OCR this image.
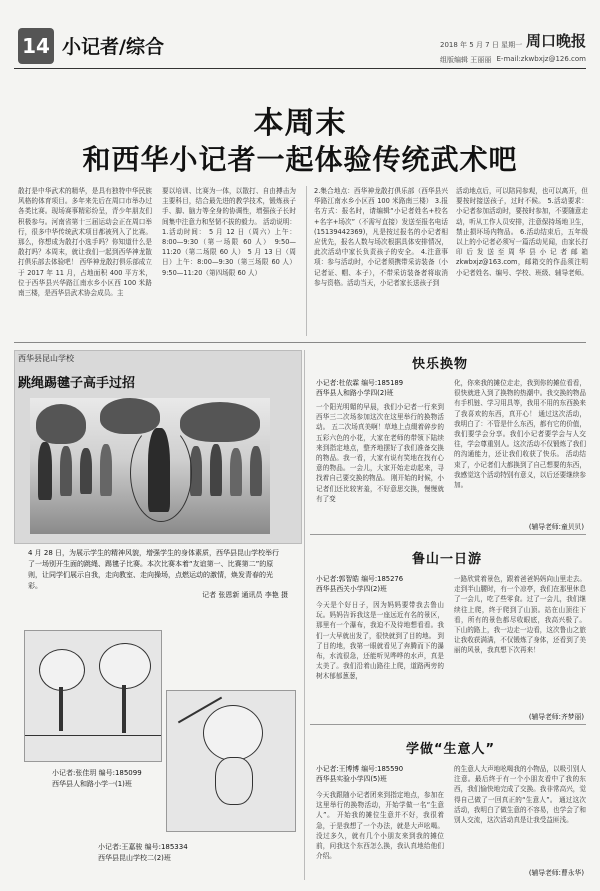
14 小记者/综合	2018 年 5 月 7 日 星期一 周口晚报
组版编辑 王丽丽 E-mail:zkwbxjz@126.com
本周末
和西华小记者一起体验传统武术吧
散打是中华武术的精华，是具有独特中华民族风格的体育项目。多年来先后在周口市举办过各类比赛。现场赛事精彩纷呈，青少年朋友们积极参与。河南省第十三届运动会正在周口举行，很多中华传统武术项目都被列入了比赛。那么，你想成为散打小选手吗？你知道什么是散打吗？本周末，就让我们一起到西华神龙散打俱乐部去体验吧！ 西华神龙散打俱乐部成立于 2017 年 11 月，占地面积 400 平方米，位于西华县兴华路江南水乡小区西 100 米路南三楼，是西华县武术协会成员。主
要以培训、比赛为一体，以散打、自由搏击为主要科目，结合最先进的教学技术，锻炼孩子手、脚、脑力等全身的协调性，增强孩子长时间集中注意力和坚韧不拔的毅力。 活动说明： 1.活动时间： 5 月 12 日（周六）上午：8:00—9:30（第一场限 60 人） 9:50—11:20（第二场限 60 人） 5 月 13 日（周日）上午：8:00—9:30（第三场限 60 人） 9:50—11:20（第四场限 60 人）
2.集合地点：西华神龙散打俱乐部（西华县兴华路江南水乡小区西 100 米路南三楼） 3.报名方式：报名时，请编辑“小记者姓名+校名+名字+场次”（不需写直接）发送至报名电话(15139442369)，凡是按过报名的小记者相应优先，报名人数与场次根据具体安排情况，此次活动中家长负责孩子的安全。 4.注意事项：参与活动时，小记者须携带采访装备（小记者证、帽、本子），不带采访装备者将取消参与资格。活动当天，小记者家长送孩子到
活动地点后，可以陪同参观，也可以离开，但要按时接送孩子，过时不候。 5.活动要求：小记者参加活动时，要按时参加，不要随意走动，听从工作人员安排，注意保持场地卫生，禁止损坏场内物品。 6.活动结束后，五年级以上的小记者必须写一篇活动见闻，由家长打印后发送至周华县小记者邮箱 zkwbxjz@163.com，邮箱交的作品须注明小记者姓名、编号、学校、班级、辅导老师。
西华县昆山学校
跳绳踢毽子高手过招
4 月 28 日，为展示学生的精神风貌，增强学生的身体素质，西华县昆山学校举行了一场别开生面的跳绳、踢毽子比赛。本次比赛本着“友谊第一、比赛第二”的原则，让同学们展示自我，走向教室、走向操场，点燃运动的激情，焕发青春的光彩。
记者 张恩新 通讯员 李艳 摄
小记者:张佳玥 编号:185099
西华县人和路小学一(1)班
小记者:王嘉骏 编号:185334
西华县昆山学校二(2)班
快乐换物
小记者:杜依霖 编号:185189
西华县人和路小学四(2)班
一个阳光明媚的早晨，我们小记者一行来到西华三二次场参加这次在这里举行的换物活动。 五二次场真美啊！草地上点缀着碎步的五彩六色的小花，大家在老师的带领下陆续来到指定地点，整齐地摆好了我们准备交换的物品。我一看，大家有说有笑地在找有心意的物品。一会儿，大家开始走动起来，寻找着自己要交换的物品。 刚开始的时候，小记者们还比较害羞，不好意思交换，慢慢就有了变
化，你来我的摊位走走，我到你的摊位看看，很快就进入到了换物的热潮中。我交换的物品有手机链、学习用具等，我用不用的东西换来了我喜欢的东西，真开心！ 通过这次活动，我明白了：不管是什么东西，都有它的价值，我们要学会分享。我们小记者要学会与人交往，学会尊重别人。这次活动不仅锻炼了我们的沟通能力，还让我们收获了快乐。 活动结束了，小记者们大都换到了自己想要的东西，我感觉这个活动特别有意义，以后还要继续参加。
(辅导老师:童贝贝)
鲁山一日游
小记者:郭智皓 编号:185276
西华县西关小学四(2)班
今天是个好日子，因为妈妈要带我去鲁山玩。妈妈告诉我这是一座远近有名的景区，那里有一个瀑布，我迫不及待地想看看。我们一大早就出发了，很快就到了目的地。 到了目的地，我第一眼就看见了奔腾而下的瀑布，水流很急，还能听见哗哗的水声，真是太美了。我们沿着山路往上爬，道路两旁的树木郁郁葱葱，
一路欣赏着景色，跟着爸爸妈妈向山里走去。走到半山腰时，有一个凉亭，我们在那里休息了一会儿，吃了些零食。过了一会儿，我们继续往上爬，终于爬到了山顶。站在山顶往下看，所有的景色都尽收眼底，我高兴极了。 下山的路上，我一边走一边看，这次鲁山之旅让我收获满满，不仅锻炼了身体，还看到了美丽的风景，我真想下次再来！
(辅导老师:齐梦丽)
学做“生意人”
小记者:王博博 编号:185590
西华县实验小学四(5)班
今天我跟随小记者团来到指定地点，参加在这里举行的换物活动，开始学做一名“生意人”。 开始我的摊位生意并不好，我很着急，于是我想了一个办法，就是大声吆喝。没过多久，就有几个小朋友来到我的摊位前，问我这个东西怎么换，我认真地给他们介绍。
的生意人大声地吆喝我的小物品，以吸引别人注意。最后终于有一个小朋友看中了我的东西，我们愉快地完成了交换。我非常高兴，觉得自己做了一回真正的“生意人”。 通过这次活动，我明白了做生意的不容易，也学会了和别人交流，这次活动真是让我受益匪浅。
(辅导老师:曹永华)
